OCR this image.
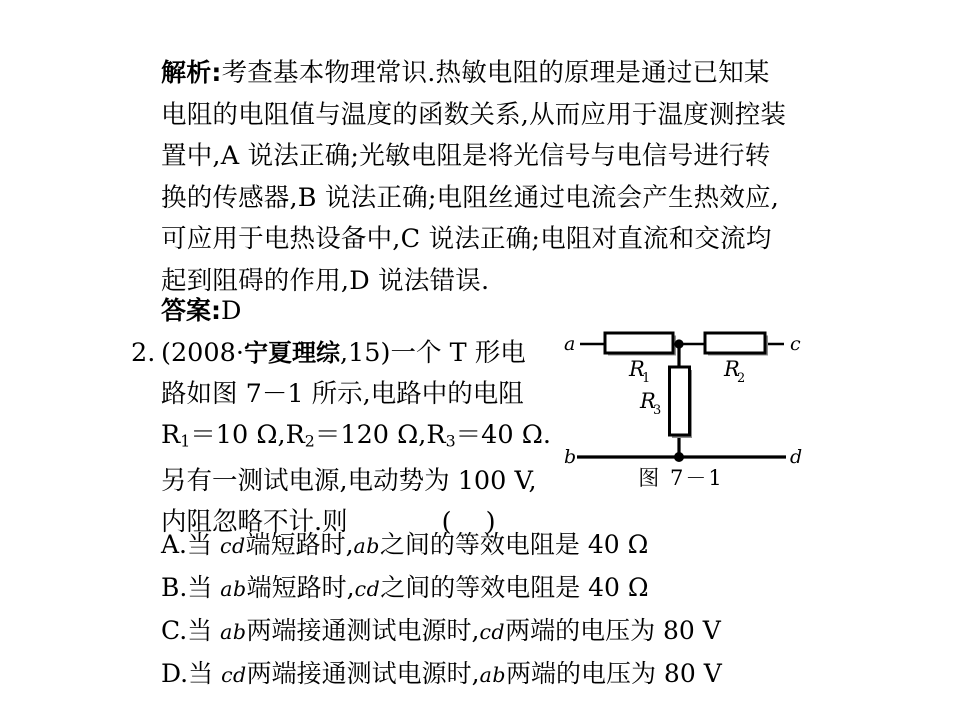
解析:考查基本物理常识.热敏电阻的原理是通过已知某
电阻的电阻值与温度的函数关系,从而应用于温度测控装
置中,A 说法正确;光敏电阻是将光信号与电信号进行转
换的传感器,B 说法正确;电阻丝通过电流会产生热效应,
可应用于电热设备中,C 说法正确;电阻对直流和交流均
起到阻碍的作用,D 说法错误.
答案:D
2. (2008·宁夏理综,15)一个 T 形电
路如图 7－1 所示,电路中的电阻
$R_1=10$ $\Omega,R_2=120$ $\Omega,R_3=40$ Ω.
另有一测试电源,电动势为 100 V,
内阻忽略不计.则	()
a
b
c
d
R
1	R
2
R
3
图 7－1
A.当 cd端短路时,ab之间的等效电阻是 40 Ω
B.当 ab端短路时,cd之间的等效电阻是 40 Ω
C.当 ab两端接通测试电源时,cd两端的电压为 80 V
D.当 cd两端接通测试电源时,ab两端的电压为 80 V
